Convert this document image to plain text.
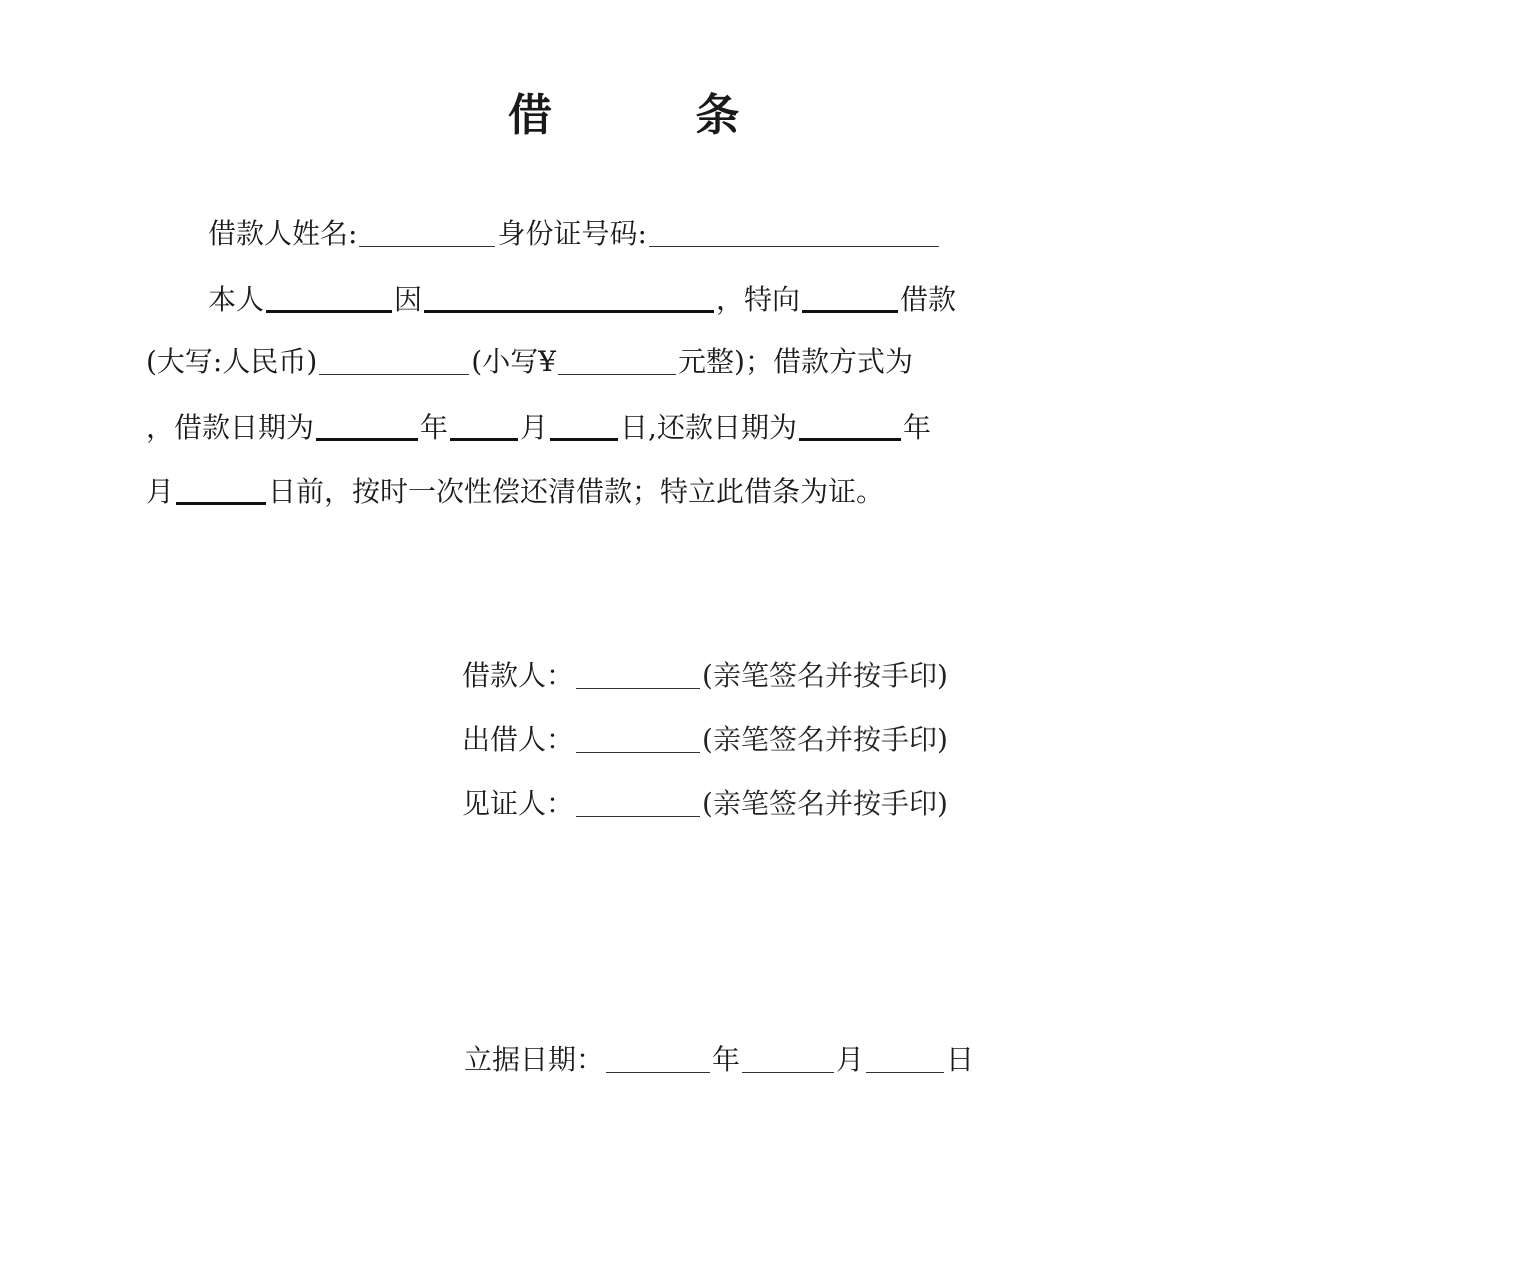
借 条
借款人姓名:	身份证号码:
本人	因	，特向	借款
(大写:人民币)	(小写¥	元整)；借款方式为
，借款日期为	年	月	日,还款日期为	年
月	日前，按时一次性偿还清借款；特立此借条为证。
借款人：	(亲笔签名并按手印)
出借人：	(亲笔签名并按手印)
见证人：	(亲笔签名并按手印)
立据日期：	年	月	日
